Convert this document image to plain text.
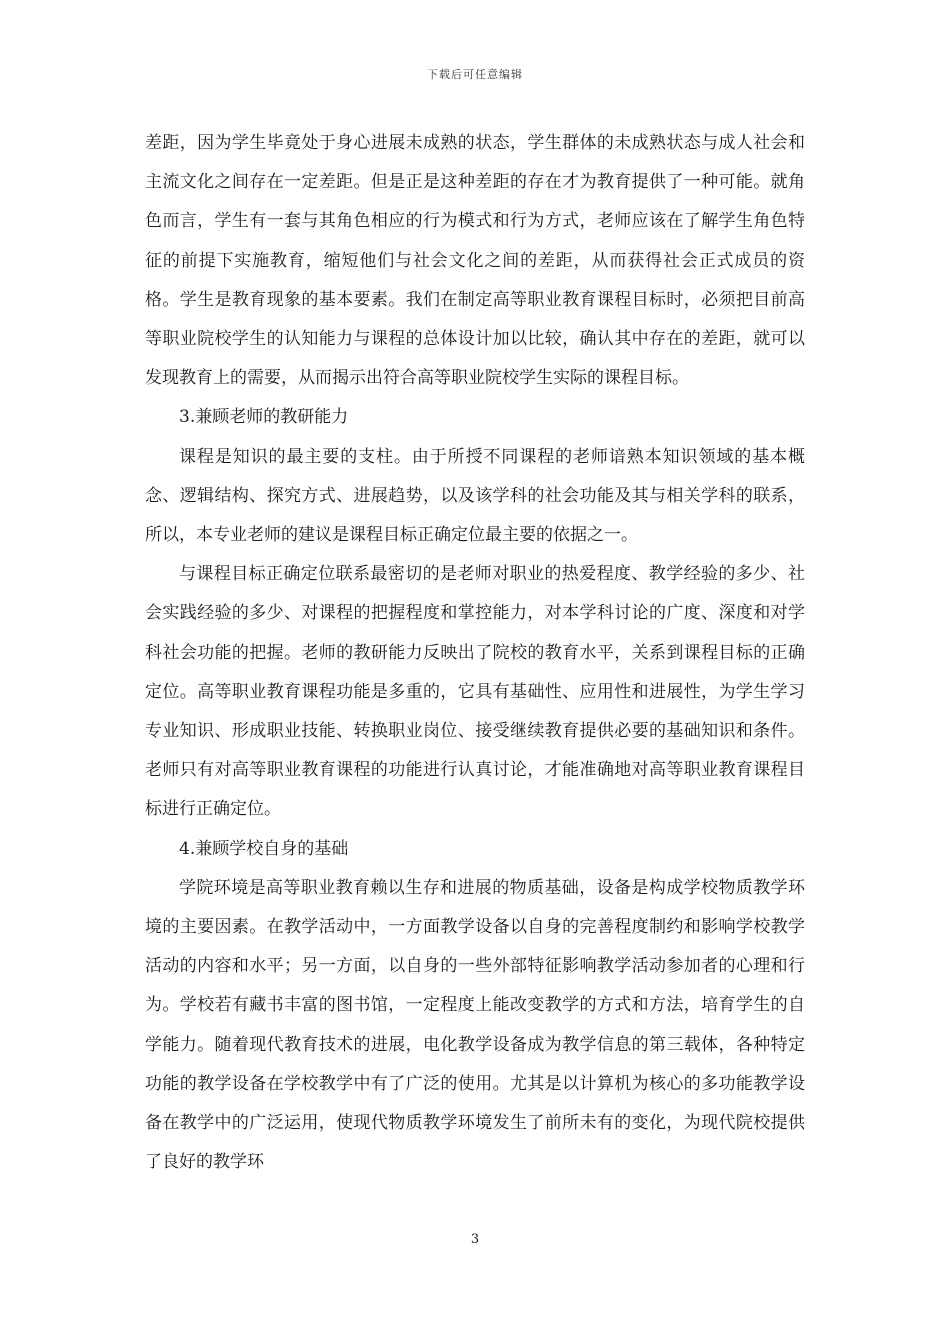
下载后可任意编辑

差距，因为学生毕竟处于身心进展未成熟的状态，学生群体的未成熟状态与成人社会和主流文化之间存在一定差距。但是正是这种差距的存在才为教育提供了一种可能。就角色而言，学生有一套与其角色相应的行为模式和行为方式，老师应该在了解学生角色特征的前提下实施教育，缩短他们与社会文化之间的差距，从而获得社会正式成员的资格。学生是教育现象的基本要素。我们在制定高等职业教育课程目标时，必须把目前高等职业院校学生的认知能力与课程的总体设计加以比较，确认其中存在的差距，就可以发现教育上的需要，从而揭示出符合高等职业院校学生实际的课程目标。

3.兼顾老师的教研能力

课程是知识的最主要的支柱。由于所授不同课程的老师谙熟本知识领域的基本概念、逻辑结构、探究方式、进展趋势，以及该学科的社会功能及其与相关学科的联系，所以，本专业老师的建议是课程目标正确定位最主要的依据之一。

与课程目标正确定位联系最密切的是老师对职业的热爱程度、教学经验的多少、社会实践经验的多少、对课程的把握程度和掌控能力，对本学科讨论的广度、深度和对学科社会功能的把握。老师的教研能力反映出了院校的教育水平，关系到课程目标的正确定位。高等职业教育课程功能是多重的，它具有基础性、应用性和进展性，为学生学习专业知识、形成职业技能、转换职业岗位、接受继续教育提供必要的基础知识和条件。老师只有对高等职业教育课程的功能进行认真讨论，才能准确地对高等职业教育课程目标进行正确定位。

4.兼顾学校自身的基础

学院环境是高等职业教育赖以生存和进展的物质基础，设备是构成学校物质教学环境的主要因素。在教学活动中，一方面教学设备以自身的完善程度制约和影响学校教学活动的内容和水平；另一方面，以自身的一些外部特征影响教学活动参加者的心理和行为。学校若有藏书丰富的图书馆，一定程度上能改变教学的方式和方法，培育学生的自学能力。随着现代教育技术的进展，电化教学设备成为教学信息的第三载体，各种特定功能的教学设备在学校教学中有了广泛的使用。尤其是以计算机为核心的多功能教学设备在教学中的广泛运用，使现代物质教学环境发生了前所未有的变化，为现代院校提供了良好的教学环

3
